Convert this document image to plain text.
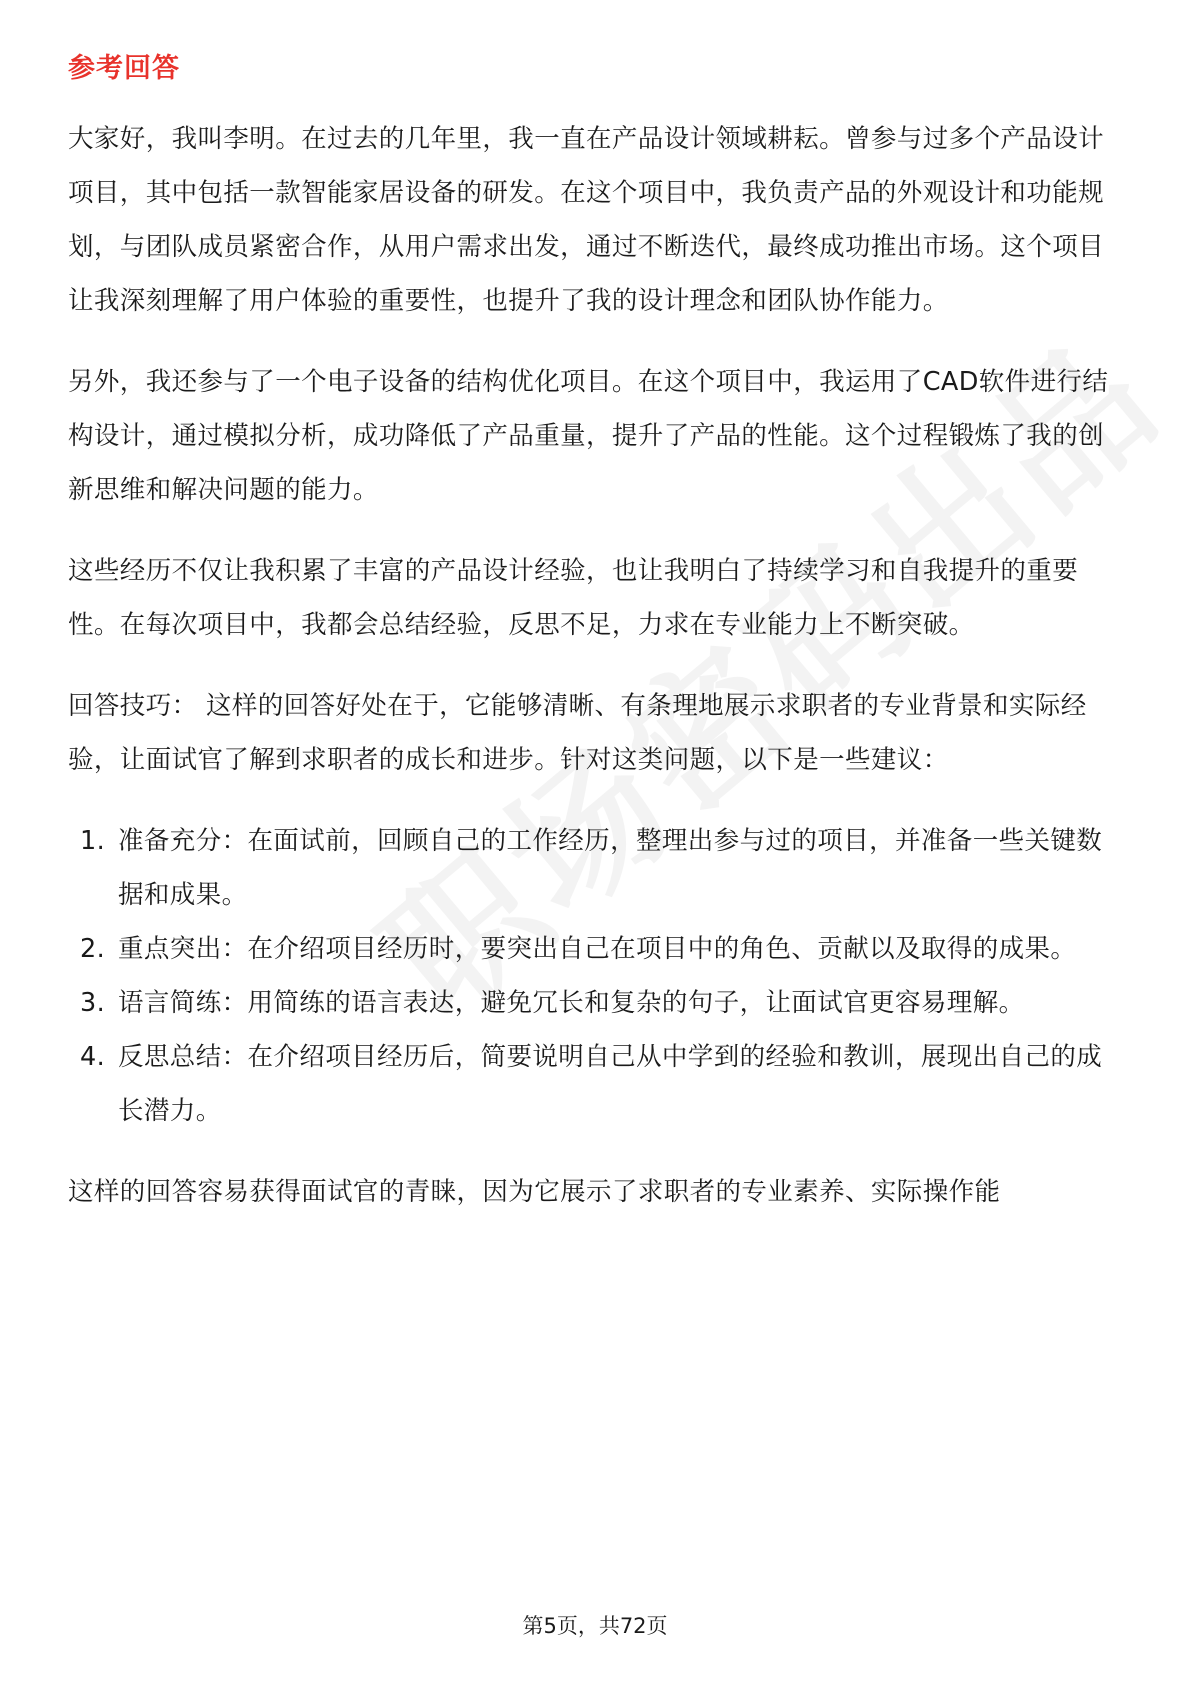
参考回答

大家好，我叫李明。在过去的几年里，我一直在产品设计领域耕耘。曾参与过多个产品设计项目，其中包括一款智能家居设备的研发。在这个项目中，我负责产品的外观设计和功能规划，与团队成员紧密合作，从用户需求出发，通过不断迭代，最终成功推出市场。这个项目让我深刻理解了用户体验的重要性，也提升了我的设计理念和团队协作能力。

另外，我还参与了一个电子设备的结构优化项目。在这个项目中，我运用了CAD软件进行结构设计，通过模拟分析，成功降低了产品重量，提升了产品的性能。这个过程锻炼了我的创新思维和解决问题的能力。

这些经历不仅让我积累了丰富的产品设计经验，也让我明白了持续学习和自我提升的重要性。在每次项目中，我都会总结经验，反思不足，力求在专业能力上不断突破。

回答技巧： 这样的回答好处在于，它能够清晰、有条理地展示求职者的专业背景和实际经验，让面试官了解到求职者的成长和进步。针对这类问题，以下是一些建议：

1. 准备充分：在面试前，回顾自己的工作经历，整理出参与过的项目，并准备一些关键数据和成果。
2. 重点突出：在介绍项目经历时，要突出自己在项目中的角色、贡献以及取得的成果。
3. 语言简练：用简练的语言表达，避免冗长和复杂的句子，让面试官更容易理解。
4. 反思总结：在介绍项目经历后，简要说明自己从中学到的经验和教训，展现出自己的成长潜力。

这样的回答容易获得面试官的青睐，因为它展示了求职者的专业素养、实际操作能

第5页，共72页
